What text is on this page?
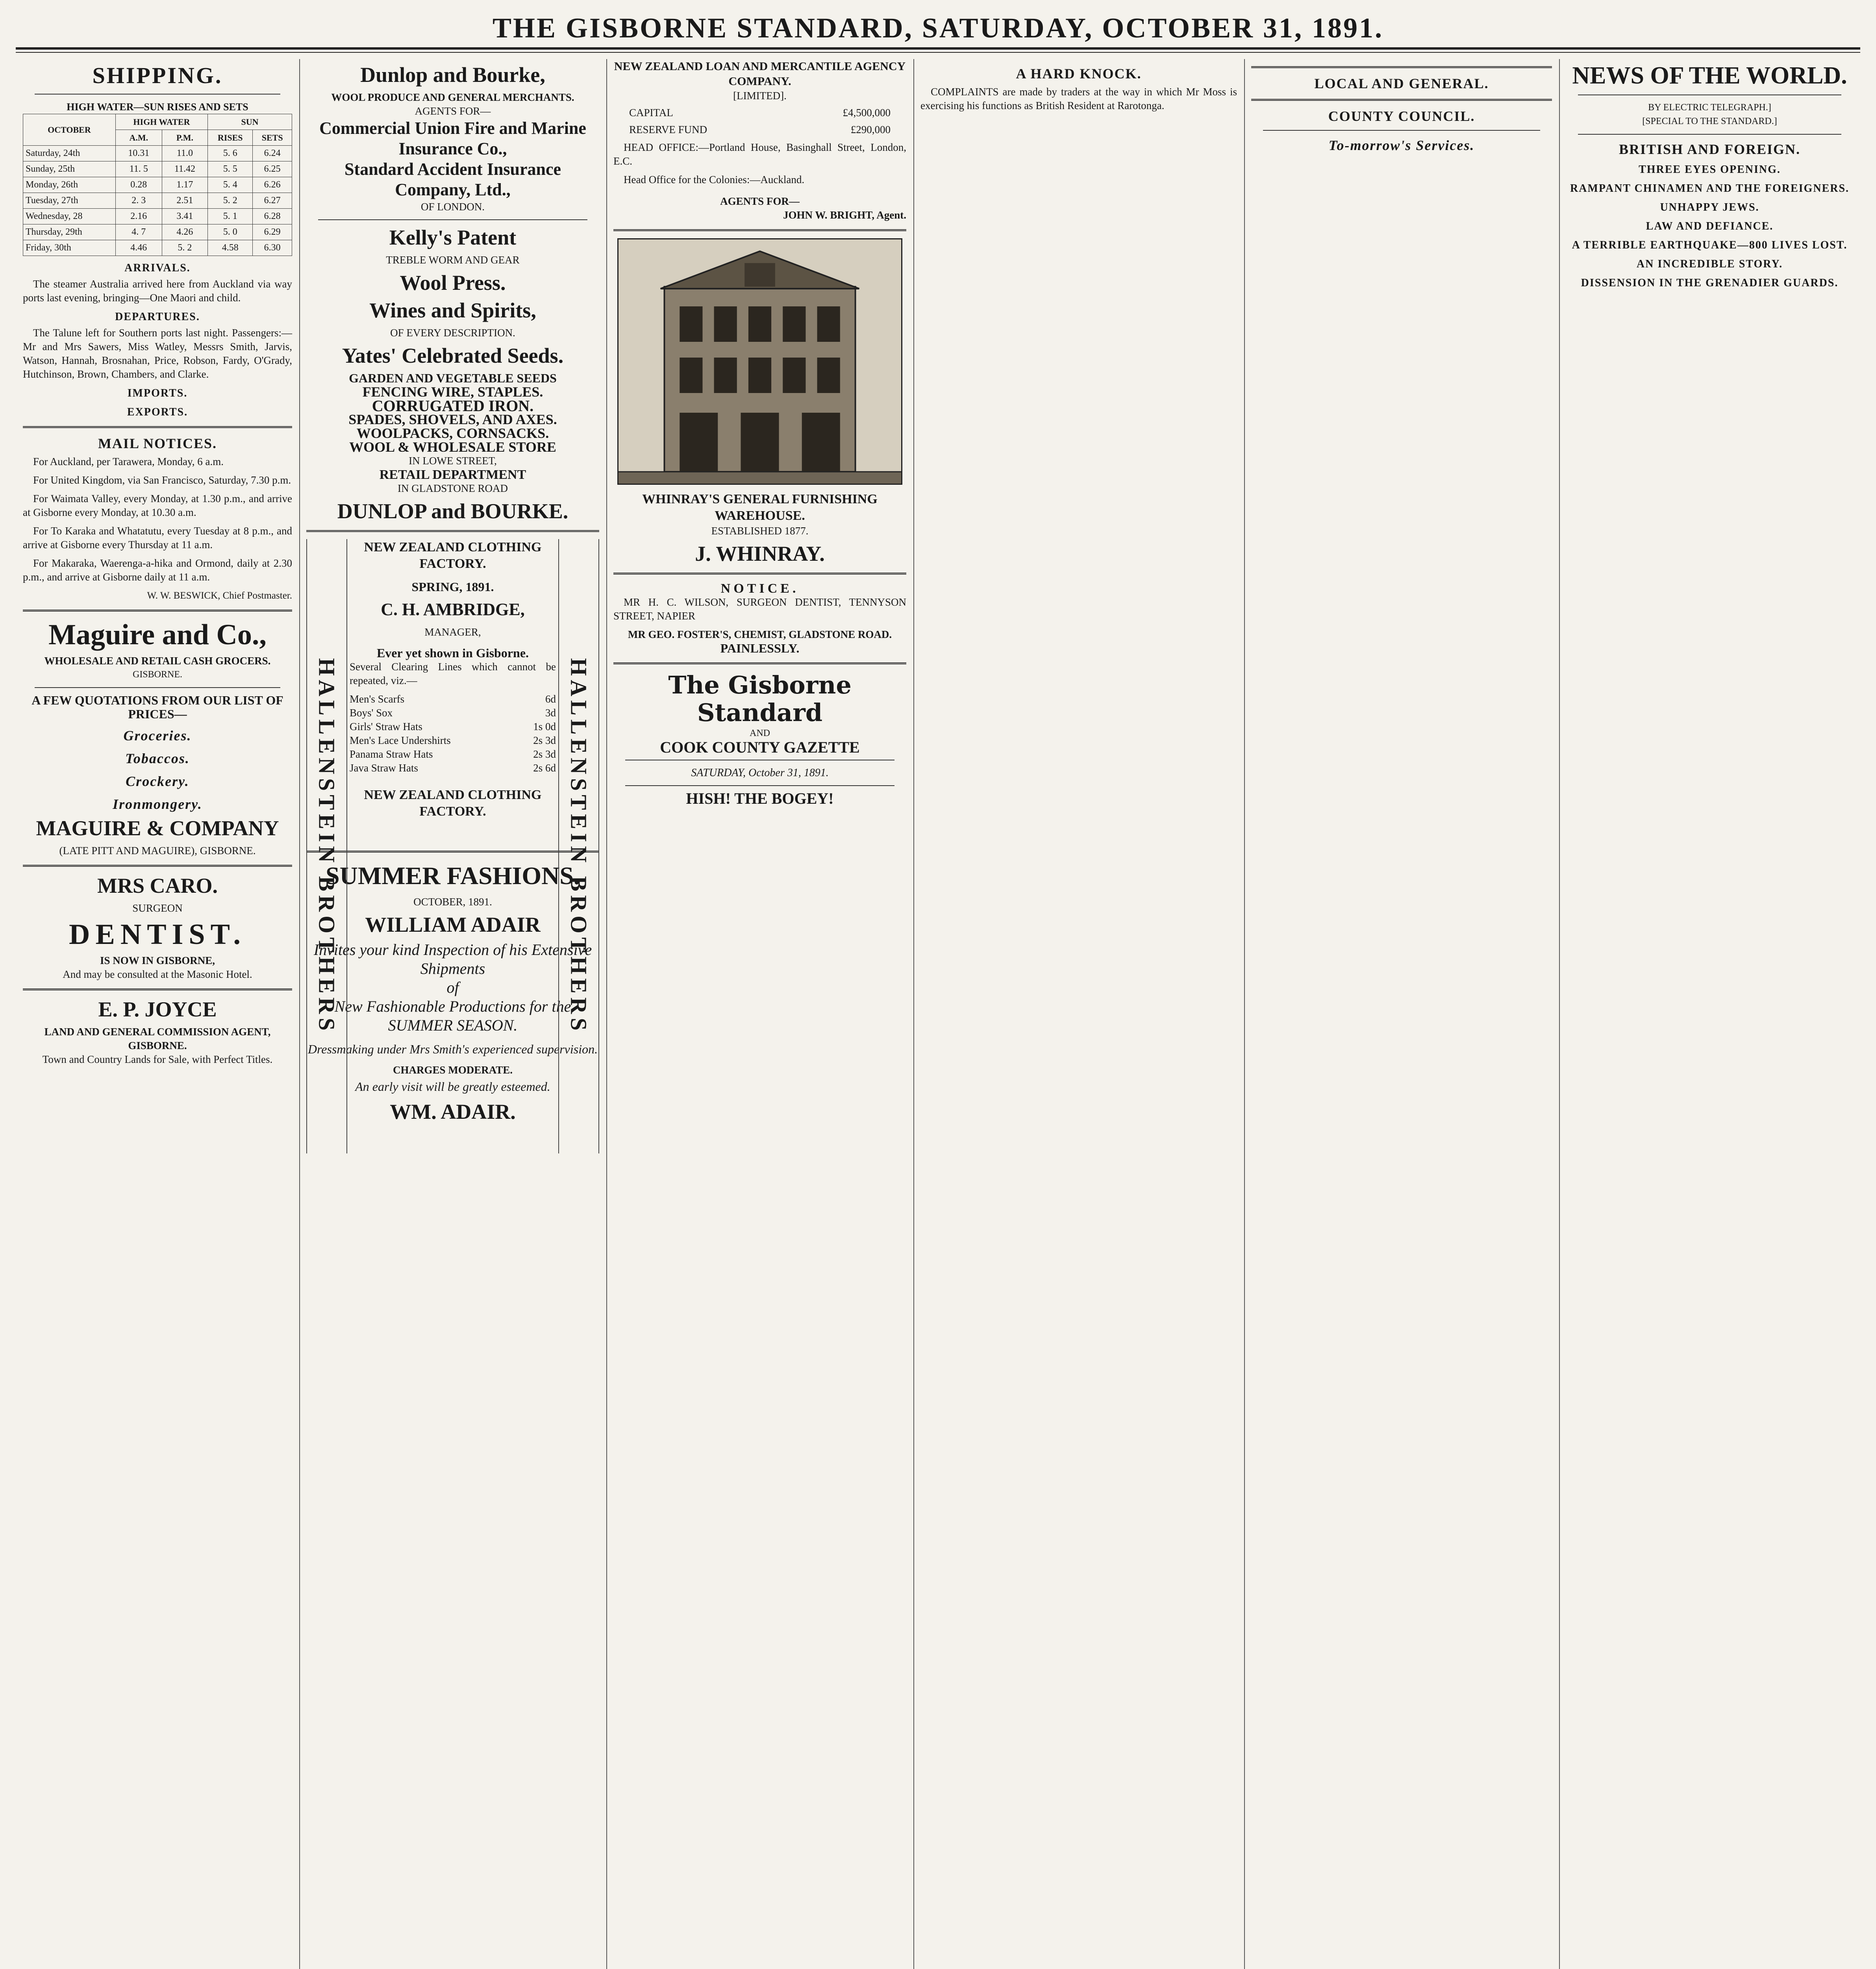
THE GISBORNE STANDARD, SATURDAY, OCTOBER 31, 1891.
SHIPPING.
HIGH WATER—SUN RISES AND SETS
OCTOBER	HIGH WATER		SUN	
	A.M.	P.M.	RISES	SETS
Saturday, 24th	10.31	11.0	5. 6	6.24
Sunday, 25th	11. 5	11.42	5. 5	6.25
Monday, 26th	0.28	1.17	5. 4	6.26
Tuesday, 27th	2. 3	2.51	5. 2	6.27
Wednesday, 28	2.16	3.41	5. 1	6.28
Thursday, 29th	4. 7	4.26	5. 0	6.29
Friday, 30th	4.46	5. 2	4.58	6.30
ARRIVALS.

The steamer Australia arrived here from Auckland via way ports last evening, bringing—One Maori and child.

DEPARTURES.

The Talune left for Southern ports last night. Passengers:—Mr and Mrs Sawers, Miss Watley, Messrs Smith, Jarvis, Watson, Hannah, Brosnahan, Price, Robson, Fardy, O'Grady, Hutchinson, Brown, Chambers, and Clarke.

IMPORTS.
EXPORTS.
MAIL NOTICES.

For Auckland, per Tarawera, Monday, 6 a.m.

For United Kingdom, via San Francisco, Saturday, 7.30 p.m.

For Waimata Valley, every Monday, at 1.30 p.m., and arrive at Gisborne every Monday, at 10.30 a.m.

For To Karaka and Whatatutu, every Tuesday at 8 p.m., and arrive at Gisborne every Thursday at 11 a.m.

For Makaraka, Waerenga-a-hika and Ormond, daily at 2.30 p.m., and arrive at Gisborne daily at 11 a.m.

W. W. BESWICK, Chief Postmaster.

Maguire and Co.,
WHOLESALE AND RETAIL CASH GROCERS.
GISBORNE.
A FEW QUOTATIONS FROM OUR LIST OF PRICES—
Groceries.
Tobaccos.
Crockery.
Ironmongery.
MAGUIRE & COMPANY
(LATE PITT AND MAGUIRE), GISBORNE.
MRS CARO.
SURGEON
DENTIST.
IS NOW IN GISBORNE,
And may be consulted at the Masonic Hotel.
E. P. JOYCE
LAND AND GENERAL COMMISSION AGENT, GISBORNE.
Town and Country Lands for Sale, with Perfect Titles.
Dunlop and Bourke,
WOOL PRODUCE AND GENERAL MERCHANTS.
AGENTS FOR—
Commercial Union Fire and Marine Insurance Co.,
Standard Accident Insurance Company, Ltd.,
OF LONDON.
Kelly's Patent
TREBLE WORM AND GEAR
Wool Press.
Wines and Spirits,
OF EVERY DESCRIPTION.
Yates' Celebrated Seeds.
GARDEN AND VEGETABLE SEEDS
FENCING WIRE, STAPLES.
CORRUGATED IRON.
SPADES, SHOVELS, AND AXES.
WOOLPACKS, CORNSACKS.
WOOL & WHOLESALE STORE
IN LOWE STREET,
RETAIL DEPARTMENT
IN GLADSTONE ROAD
DUNLOP and BOURKE.
HALLENSTEIN BROTHERS	HALLENSTEIN BROTHERS
NEW ZEALAND CLOTHING FACTORY.
SPRING, 1891.
C. H. AMBRIDGE,
MANAGER,
Ever yet shown in Gisborne.

Several Clearing Lines which cannot be repeated, viz.—

Men's Scarfs	6d
Boys' Sox	3d
Girls' Straw Hats	1s 0d
Men's Lace Undershirts	2s 3d
Panama Straw Hats	2s 3d
Java Straw Hats	2s 6d
NEW ZEALAND CLOTHING FACTORY.
SUMMER FASHIONS.
OCTOBER, 1891.
WILLIAM ADAIR
Invites your kind Inspection of his Extensive Shipments
of
New Fashionable Productions for the SUMMER SEASON.
Dressmaking under Mrs Smith's experienced supervision.
CHARGES MODERATE.
An early visit will be greatly esteemed.
WM. ADAIR.
NEW ZEALAND LOAN AND MERCANTILE AGENCY COMPANY.
[LIMITED].
CAPITAL	£4,500,000
RESERVE FUND	£290,000

HEAD OFFICE:—Portland House, Basinghall Street, London, E.C.

Head Office for the Colonies:—Auckland.

AGENTS FOR—

JOHN W. BRIGHT, Agent.

WHINRAY'S GENERAL FURNISHING WAREHOUSE.
ESTABLISHED 1877.
J. WHINRAY.
NOTICE.

MR H. C. WILSON, SURGEON DENTIST, TENNYSON STREET, NAPIER

MR GEO. FOSTER'S, CHEMIST, GLADSTONE ROAD.
PAINLESSLY.
The Gisborne Standard
AND
COOK COUNTY GAZETTE
SATURDAY, October 31, 1891.
HISH! THE BOGEY!
A HARD KNOCK.

COMPLAINTS are made by traders at the way in which Mr Moss is exercising his functions as British Resident at Rarotonga.

LOCAL AND GENERAL.
COUNTY COUNCIL.
To-morrow's Services.
NEWS OF THE WORLD.
BY ELECTRIC TELEGRAPH.]
[SPECIAL TO THE STANDARD.]
BRITISH AND FOREIGN.
THREE EYES OPENING.
RAMPANT CHINAMEN AND THE FOREIGNERS.
UNHAPPY JEWS.
LAW AND DEFIANCE.
A TERRIBLE EARTHQUAKE—800 LIVES LOST.
AN INCREDIBLE STORY.
DISSENSION IN THE GRENADIER GUARDS.
